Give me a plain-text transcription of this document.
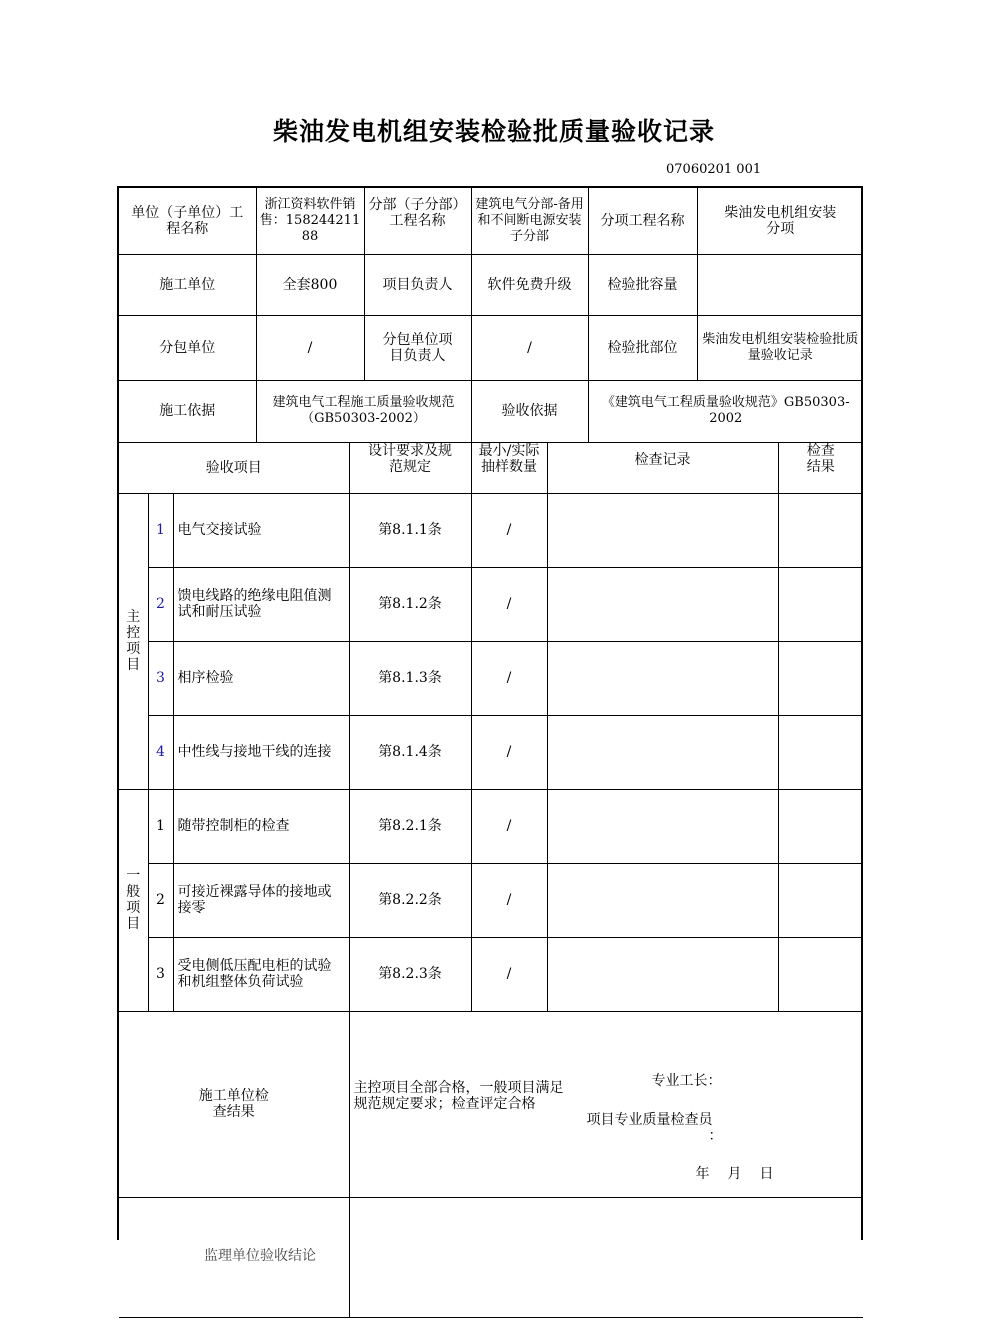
柴油发电机组安装检验批质量验收记录
07060201 001
单位（子单位）工程名称			浙江资料软件销售：15824421188		分部（子分部）工程名称	建筑电气分部-备用和不间断电源安装子分部		分项工程名称	柴油发电机组安装分项	
施工单位			全套800		项目负责人	软件免费升级		检验批容量		
分包单位			/		分包单位项目负责人	/		检验批部位	柴油发电机组安装检验批质量验收记录	
施工依据			建筑电气工程施工质量验收规范（GB50303-2002）			验收依据		《建筑电气工程质量验收规范》GB50303-2002		
验收项目				设计要求及规范规定		最小/实际抽样数量	检查记录			检查结果

主控项目	1	电气交接试验		第8.1.1条		/				
	2	馈电线路的绝缘电阻值测
试和耐压试验		第8.1.2条		/				
	3	相序检验		第8.1.3条		/				
	4	中性线与接地干线的连接		第8.1.4条		/				

一般项目	1	随带控制柜的检查		第8.2.1条		/				
	2	可接近裸露导体的接地或
接零		第8.2.2条		/				
	3	受电侧低压配电柜的试验
和机组整体负荷试验		第8.2.3条		/				
施工单位检查结果				主控项目全部合格，一般项目满足规范规定要求；检查评定合格
专业工长：
项目专业质量检查员
：
年　月　日						

监理单位验收结论										
